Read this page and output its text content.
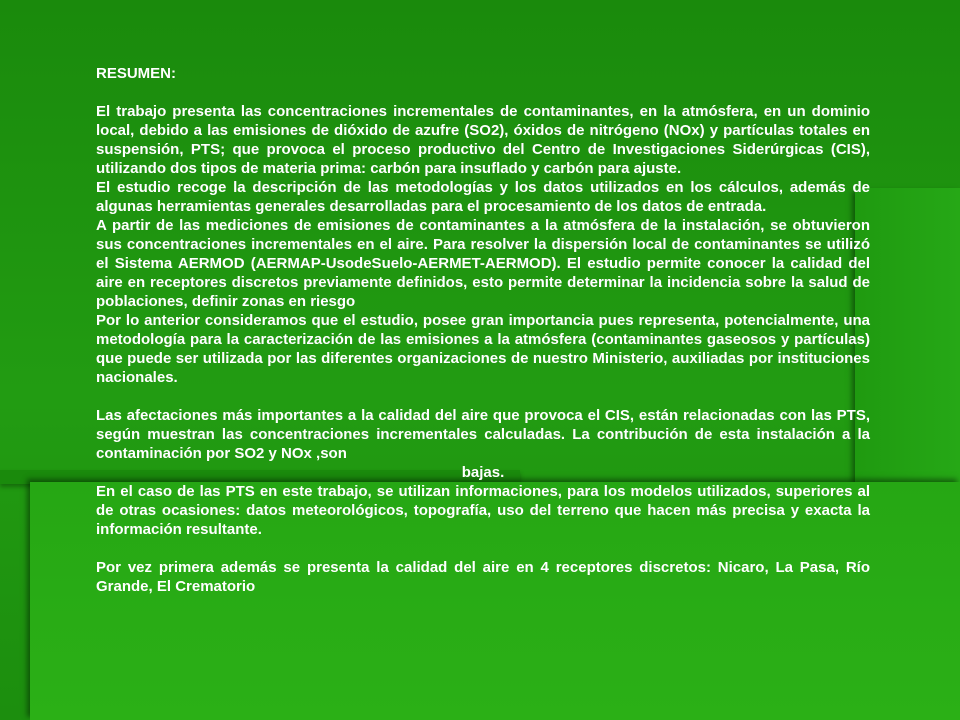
RESUMEN:

El trabajo presenta las concentraciones incrementales de contaminantes, en la atmósfera, en un dominio local, debido a las emisiones de dióxido de azufre (SO2), óxidos de nitrógeno (NOx) y partículas totales en suspensión, PTS; que provoca el proceso productivo del Centro de Investigaciones Siderúrgicas (CIS), utilizando dos tipos de materia prima: carbón para insuflado y carbón para ajuste.

El estudio recoge la descripción de las metodologías y los datos utilizados en los cálculos, además de algunas herramientas generales desarrolladas para el procesamiento de los datos de entrada.

A partir de las mediciones de emisiones de contaminantes a la atmósfera de la instalación, se obtuvieron sus concentraciones incrementales en el aire. Para resolver la dispersión local de contaminantes se utilizó el Sistema AERMOD (AERMAP-UsodeSuelo-AERMET-AERMOD). El estudio permite conocer la calidad del aire en receptores discretos previamente definidos, esto permite determinar la incidencia sobre la salud de poblaciones, definir zonas en riesgo

Por lo anterior consideramos que el estudio, posee gran importancia pues representa, potencialmente, una metodología para la caracterización de las emisiones a la atmósfera (contaminantes gaseosos y partículas) que puede ser utilizada por las diferentes organizaciones de nuestro Ministerio, auxiliadas por instituciones nacionales.

Las afectaciones más importantes a la calidad del aire que provoca el CIS, están relacionadas con las PTS, según muestran las concentraciones incrementales calculadas. La contribución de esta instalación a la contaminación por SO2 y NOx ,son

bajas.

En el caso de las PTS en este trabajo, se utilizan informaciones, para los modelos utilizados, superiores al de otras ocasiones: datos meteorológicos, topografía, uso del terreno que hacen más precisa y exacta la información resultante.

Por vez primera además se presenta la calidad del aire en 4 receptores discretos: Nicaro, La Pasa, Río Grande, El Crematorio
